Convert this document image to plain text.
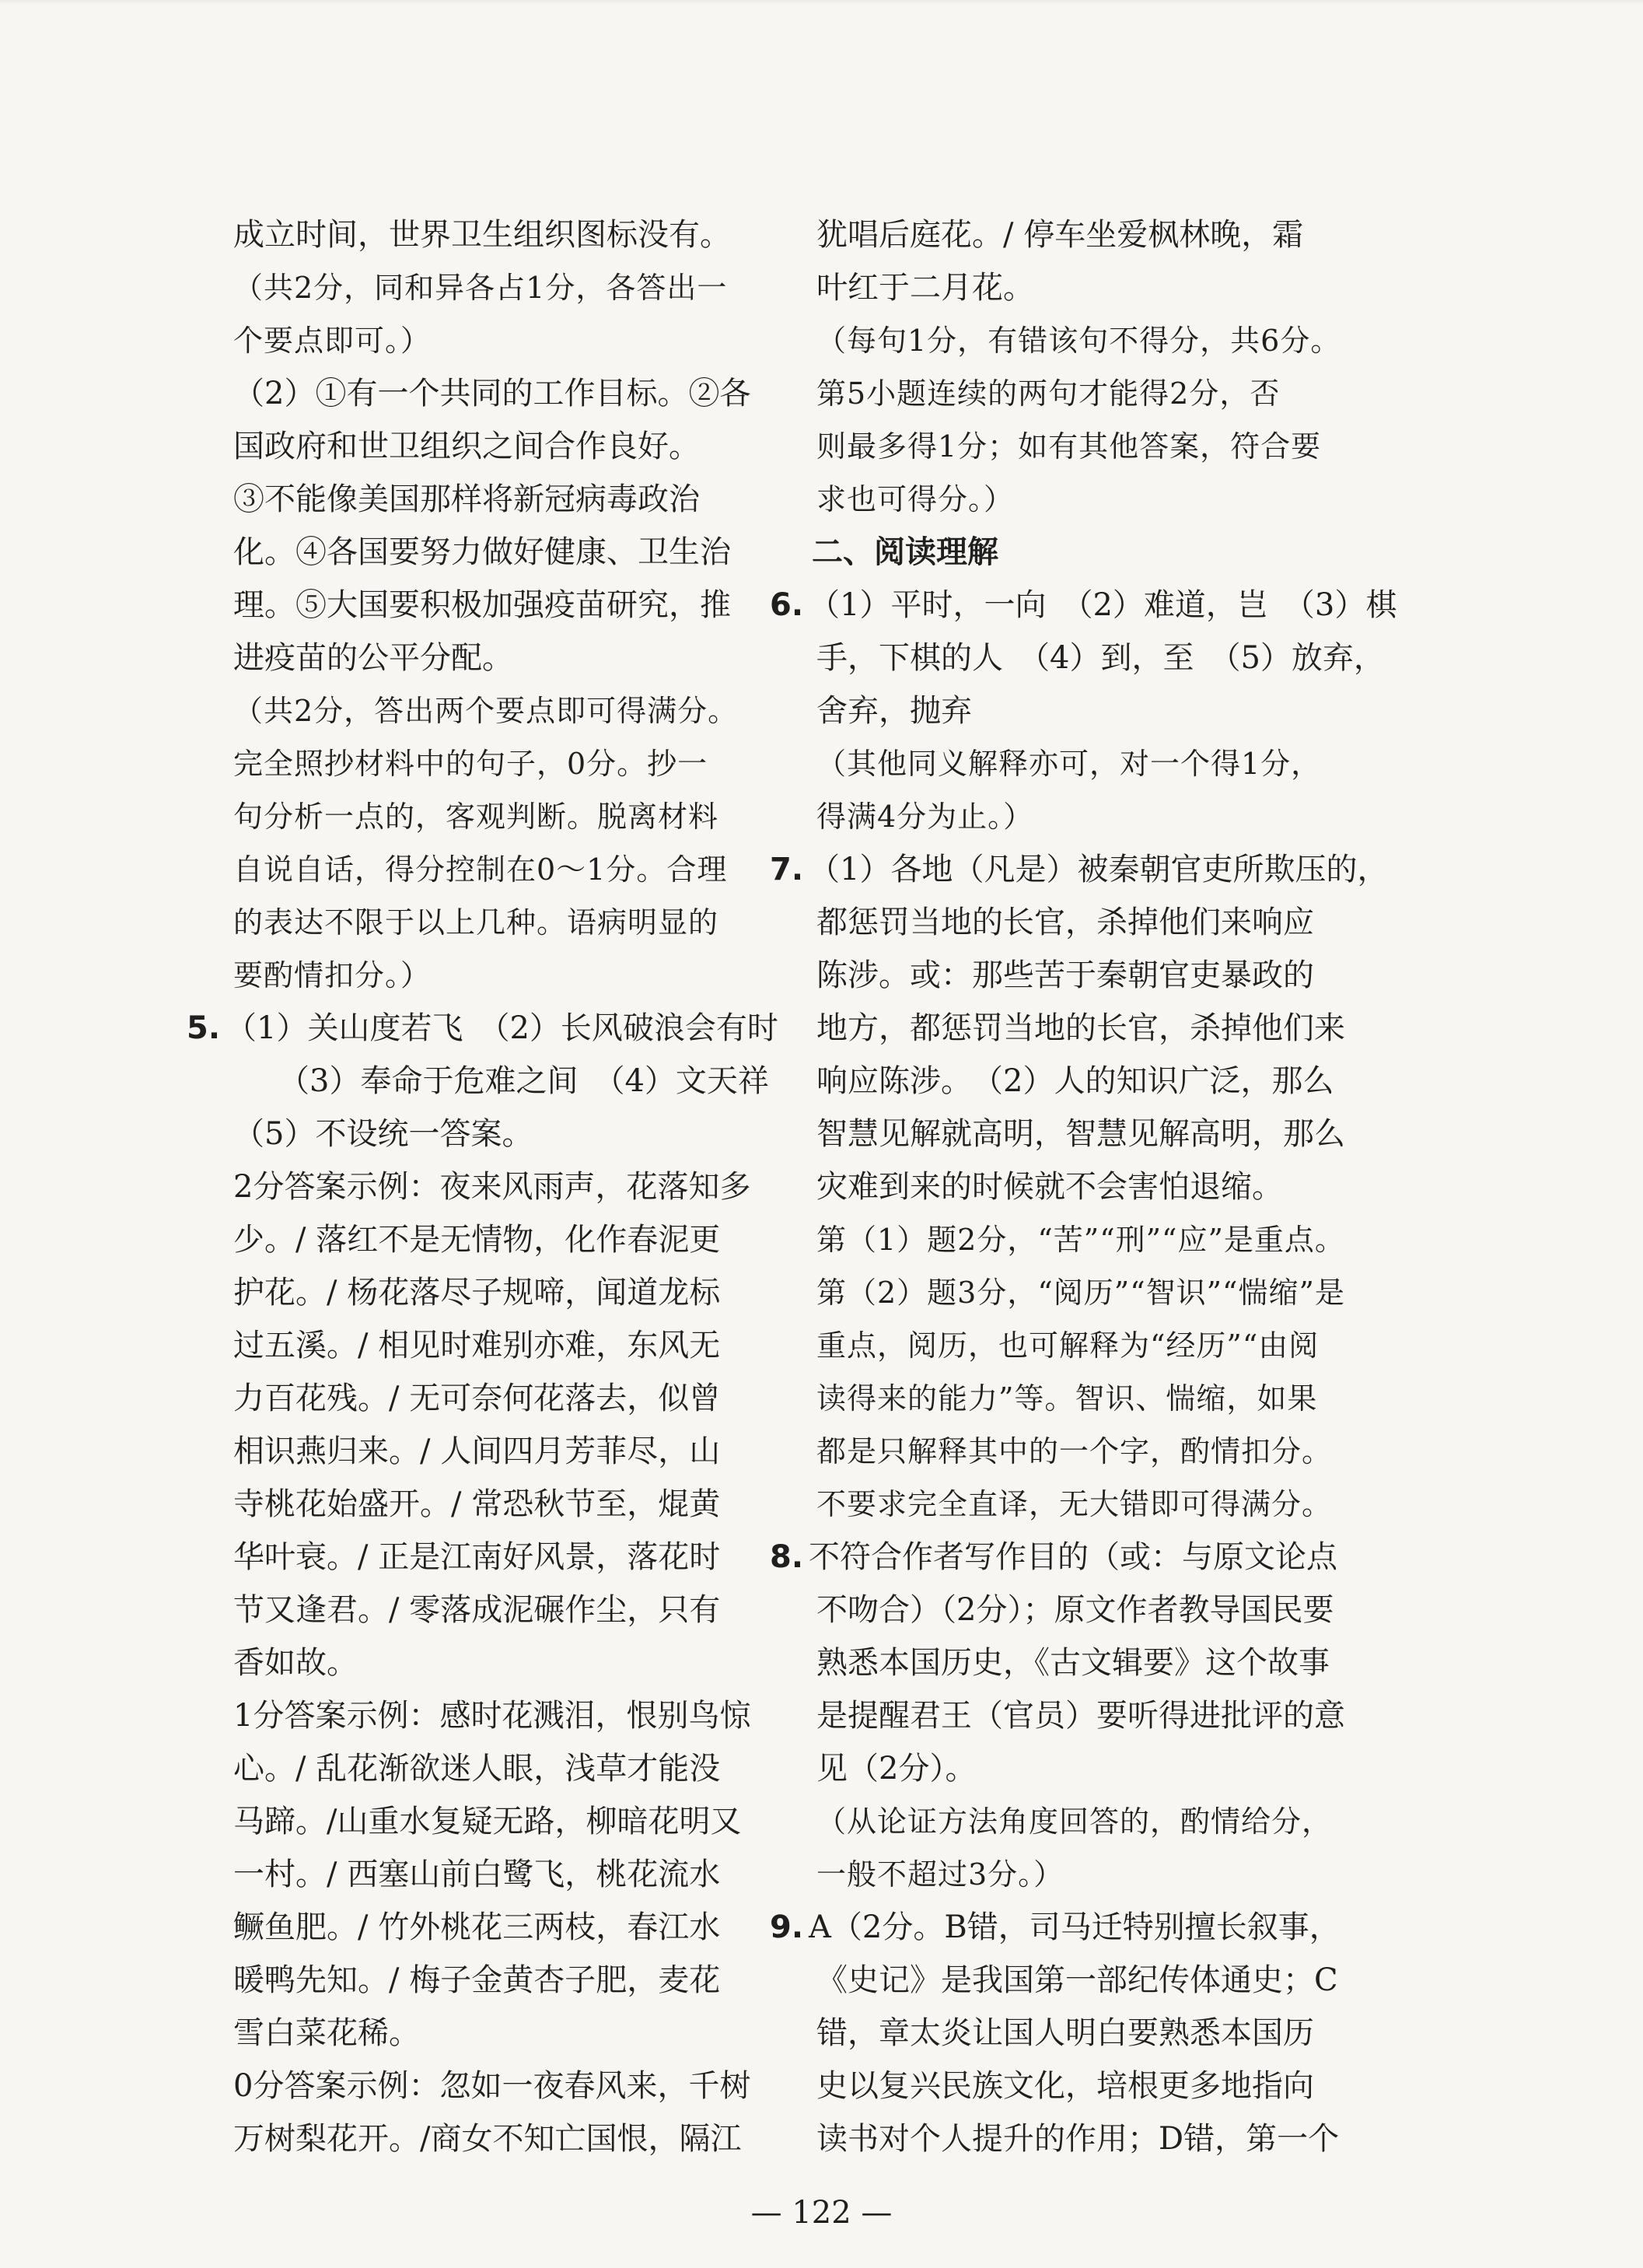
成立时间，世界卫生组织图标没有。
（共2分，同和异各占1分，各答出一
个要点即可。）
（2）①有一个共同的工作目标。②各
国政府和世卫组织之间合作良好。
③不能像美国那样将新冠病毒政治
化。④各国要努力做好健康、卫生治
理。⑤大国要积极加强疫苗研究，推
进疫苗的公平分配。
（共2分，答出两个要点即可得满分。
完全照抄材料中的句子，0分。抄一
句分析一点的，客观判断。脱离材料
自说自话，得分控制在0～1分。合理
的表达不限于以上几种。语病明显的
要酌情扣分。）
5. （1）关山度若飞　（2）长风破浪会有时
（3）奉命于危难之间　（4）文天祥
（5）不设统一答案。
2分答案示例：夜来风雨声，花落知多
少。/ 落红不是无情物，化作春泥更
护花。/ 杨花落尽子规啼，闻道龙标
过五溪。/ 相见时难别亦难，东风无
力百花残。/ 无可奈何花落去，似曾
相识燕归来。/ 人间四月芳菲尽，山
寺桃花始盛开。/ 常恐秋节至，焜黄
华叶衰。/ 正是江南好风景，落花时
节又逢君。/ 零落成泥碾作尘，只有
香如故。
1分答案示例：感时花溅泪，恨别鸟惊
心。/ 乱花渐欲迷人眼，浅草才能没
马蹄。/山重水复疑无路，柳暗花明又
一村。/ 西塞山前白鹭飞，桃花流水
鳜鱼肥。/ 竹外桃花三两枝，春江水
暖鸭先知。/ 梅子金黄杏子肥，麦花
雪白菜花稀。
0分答案示例：忽如一夜春风来，千树
万树梨花开。/商女不知亡国恨，隔江
犹唱后庭花。/ 停车坐爱枫林晚，霜
叶红于二月花。
（每句1分，有错该句不得分，共6分。
第5小题连续的两句才能得2分，否
则最多得1分；如有其他答案，符合要
求也可得分。）
二、阅读理解
6. （1）平时，一向　（2）难道，岂　（3）棋
手，下棋的人　（4）到，至　（5）放弃，
舍弃，抛弃
（其他同义解释亦可，对一个得1分，
得满4分为止。）
7. （1）各地（凡是）被秦朝官吏所欺压的，
都惩罚当地的长官，杀掉他们来响应
陈涉。或：那些苦于秦朝官吏暴政的
地方，都惩罚当地的长官，杀掉他们来
响应陈涉。　（2）人的知识广泛，那么
智慧见解就高明，智慧见解高明，那么
灾难到来的时候就不会害怕退缩。
第（1）题2分，“苦”“刑”“应”是重点。
第（2）题3分，“阅历”“智识”“惴缩”是
重点，阅历，也可解释为“经历”“由阅
读得来的能力”等。智识、惴缩，如果
都是只解释其中的一个字，酌情扣分。
不要求完全直译，无大错即可得满分。
8. 不符合作者写作目的（或：与原文论点
不吻合）（2分）；原文作者教导国民要
熟悉本国历史，《古文辑要》这个故事
是提醒君王（官员）要听得进批评的意
见（2分）。
（从论证方法角度回答的，酌情给分，
一般不超过3分。）
9. A（2分。B错，司马迁特别擅长叙事，
《史记》是我国第一部纪传体通史；C
错，章太炎让国人明白要熟悉本国历
史以复兴民族文化，培根更多地指向
读书对个人提升的作用；D错，第一个
— 122 —
